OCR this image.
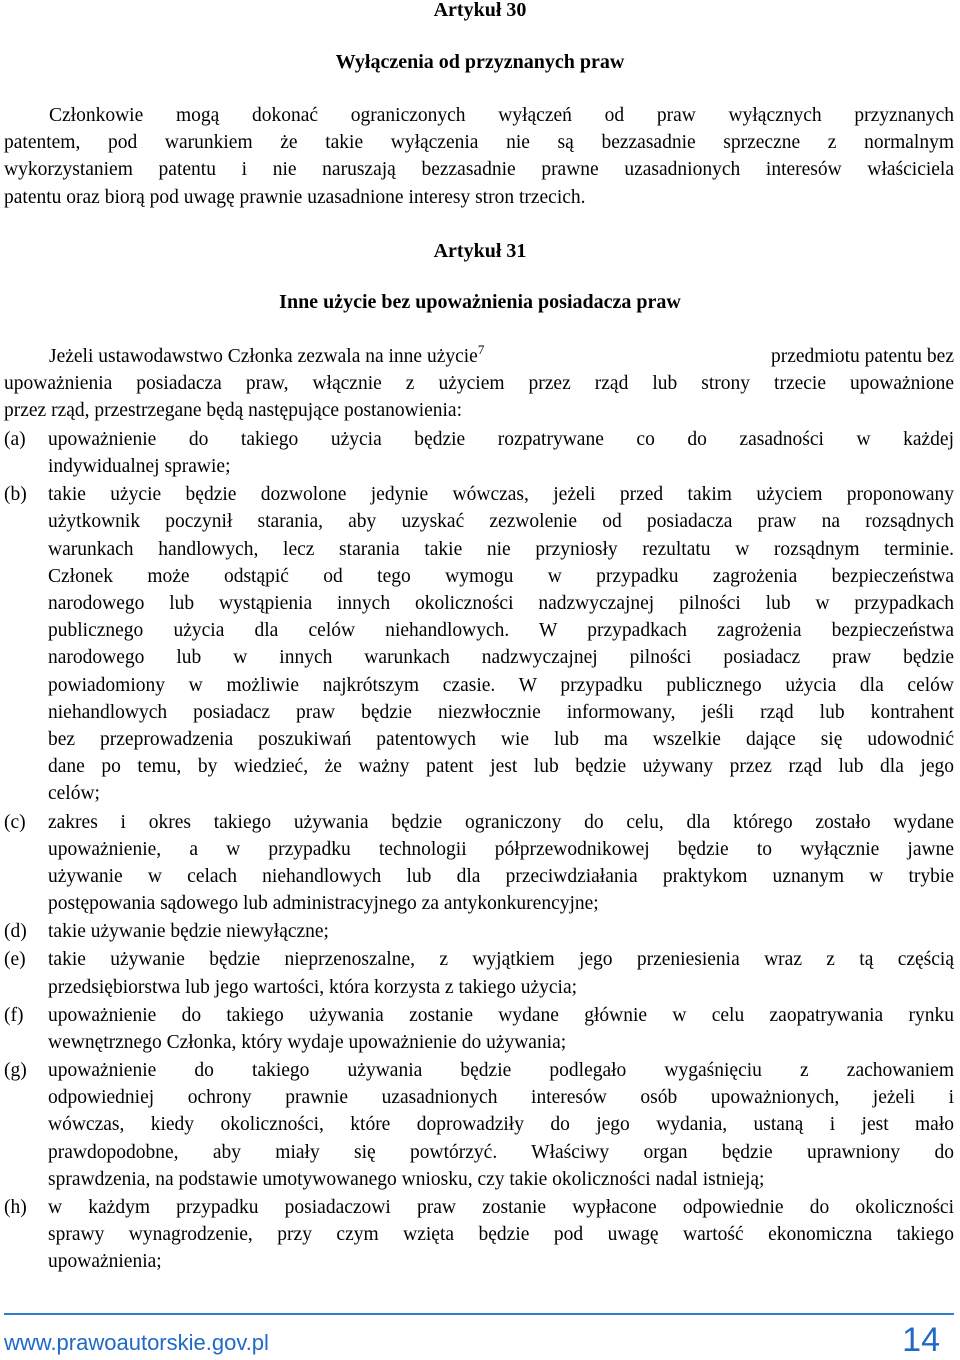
Artykuł 30
Wyłączenia od przyznanych praw
Członkowie mogą dokonać ograniczonych wyłączeń od praw wyłącznych przyznanych
patentem, pod warunkiem że takie wyłączenia nie są bezzasadnie sprzeczne z normalnym
wykorzystaniem patentu i nie naruszają bezzasadnie prawne uzasadnionych interesów właściciela
patentu oraz biorą pod uwagę prawnie uzasadnione interesy stron trzecich.
Artykuł 31
Inne użycie bez upoważnienia posiadacza praw
Jeżeli ustawodawstwo Członka zezwala na inne użycie$^7$	przedmiotu patentu bez
upoważnienia posiadacza praw, włącznie z użyciem przez rząd lub strony trzecie upoważnione
przez rząd, przestrzegane będą następujące postanowienia:
(a)	upoważnienie do takiego użycia będzie rozpatrywane co do zasadności w każdej
indywidualnej sprawie;
(b)	takie użycie będzie dozwolone jedynie wówczas, jeżeli przed takim użyciem proponowany
użytkownik poczynił starania, aby uzyskać zezwolenie od posiadacza praw na rozsądnych
warunkach handlowych, lecz starania takie nie przyniosły rezultatu w rozsądnym terminie.
Członek może odstąpić od tego wymogu w przypadku zagrożenia bezpieczeństwa
narodowego lub wystąpienia innych okoliczności nadzwyczajnej pilności lub w przypadkach
publicznego użycia dla celów niehandlowych. W przypadkach zagrożenia bezpieczeństwa
narodowego lub w innych warunkach nadzwyczajnej pilności posiadacz praw będzie
powiadomiony w możliwie najkrótszym czasie. W przypadku publicznego użycia dla celów
niehandlowych posiadacz praw będzie niezwłocznie informowany, jeśli rząd lub kontrahent
bez przeprowadzenia poszukiwań patentowych wie lub ma wszelkie dające się udowodnić
dane po temu, by wiedzieć, że ważny patent jest lub będzie używany przez rząd lub dla jego
celów;
(c)	zakres i okres takiego używania będzie ograniczony do celu, dla którego zostało wydane
upoważnienie, a w przypadku technologii półprzewodnikowej będzie to wyłącznie jawne
używanie w celach niehandlowych lub dla przeciwdziałania praktykom uznanym w trybie
postępowania sądowego lub administracyjnego za antykonkurencyjne;
(d)	takie używanie będzie niewyłączne;
(e)	takie używanie będzie nieprzenoszalne, z wyjątkiem jego przeniesienia wraz z tą częścią
przedsiębiorstwa lub jego wartości, która korzysta z takiego użycia;
(f)	upoważnienie do takiego używania zostanie wydane głównie w celu zaopatrywania rynku
wewnętrznego Członka, który wydaje upoważnienie do używania;
(g)	upoważnienie do takiego używania będzie podlegało wygaśnięciu z zachowaniem
odpowiedniej ochrony prawnie uzasadnionych interesów osób upoważnionych, jeżeli i
wówczas, kiedy okoliczności, które doprowadziły do jego wydania, ustaną i jest mało
prawdopodobne, aby miały się powtórzyć. Właściwy organ będzie uprawniony do
sprawdzenia, na podstawie umotywowanego wniosku, czy takie okoliczności nadal istnieją;
(h)	w każdym przypadku posiadaczowi praw zostanie wypłacone odpowiednie do okoliczności
sprawy wynagrodzenie, przy czym wzięta będzie pod uwagę wartość ekonomiczna takiego
upoważnienia;
www.prawoautorskie.gov.pl	14
